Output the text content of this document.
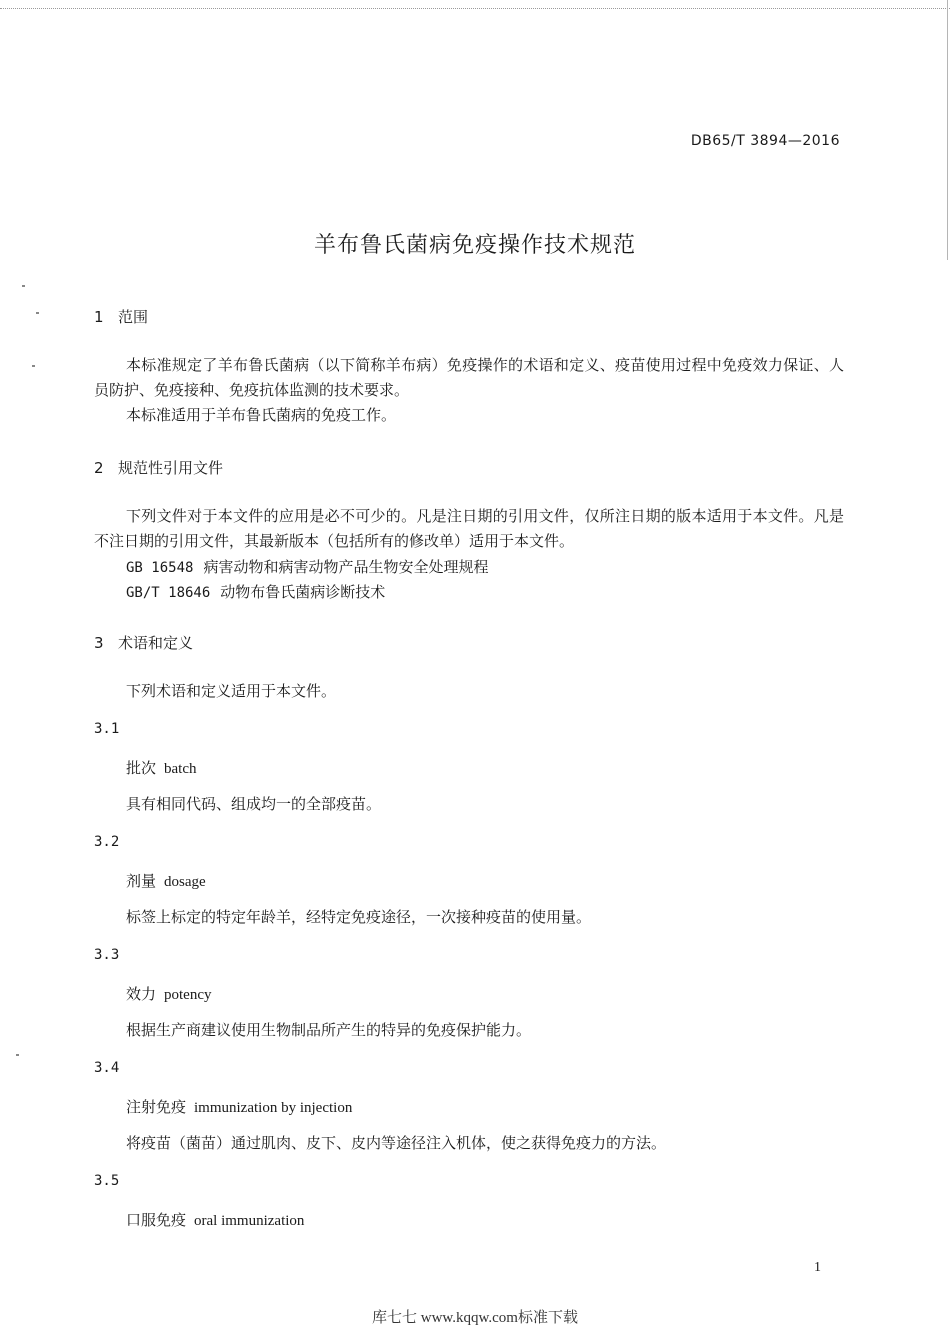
DB65/T 3894—2016
羊布鲁氏菌病免疫操作技术规范
1 范围

本标准规定了羊布鲁氏菌病（以下简称羊布病）免疫操作的术语和定义、疫苗使用过程中免疫效力保证、人员防护、免疫接种、免疫抗体监测的技术要求。

本标准适用于羊布鲁氏菌病的免疫工作。

2 规范性引用文件

下列文件对于本文件的应用是必不可少的。凡是注日期的引用文件，仅所注日期的版本适用于本文件。凡是不注日期的引用文件，其最新版本（包括所有的修改单）适用于本文件。

GB 16548 病害动物和病害动物产品生物安全处理规程
GB/T 18646 动物布鲁氏菌病诊断技术
3 术语和定义
下列术语和定义适用于本文件。
3.1
批次 batch
具有相同代码、组成均一的全部疫苗。
3.2
剂量 dosage
标签上标定的特定年龄羊，经特定免疫途径，一次接种疫苗的使用量。
3.3
效力 potency
根据生产商建议使用生物制品所产生的特异的免疫保护能力。
3.4
注射免疫 immunization by injection
将疫苗（菌苗）通过肌肉、皮下、皮内等途径注入机体，使之获得免疫力的方法。
3.5
口服免疫 oral immunization
1
库七七 www.kqqw.com标准下载
